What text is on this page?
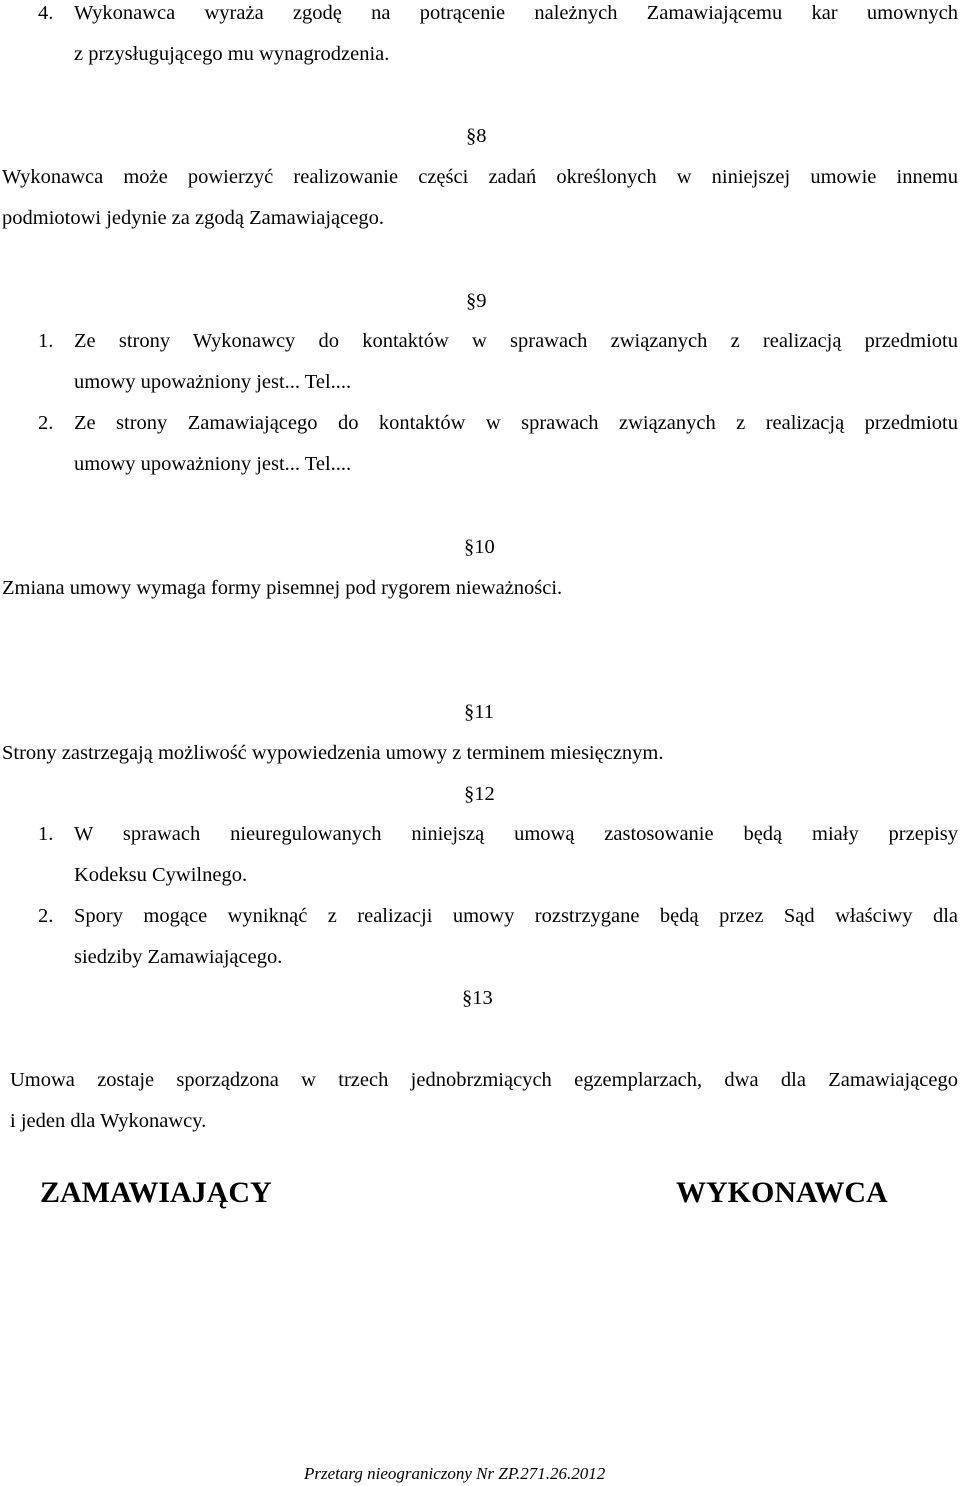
4. Wykonawca wyraża zgodę na potrącenie należnych Zamawiającemu kar umownych
z przysługującego mu wynagrodzenia.
§8
Wykonawca może powierzyć realizowanie części zadań określonych w niniejszej umowie innemu
podmiotowi jedynie za zgodą Zamawiającego.
§9
1. Ze strony Wykonawcy do kontaktów w sprawach związanych z realizacją przedmiotu
umowy upoważniony jest... Tel....
2. Ze strony Zamawiającego do kontaktów w sprawach związanych z realizacją przedmiotu
umowy upoważniony jest... Tel....
§10
Zmiana umowy wymaga formy pisemnej pod rygorem nieważności.
§11
Strony zastrzegają możliwość wypowiedzenia umowy z terminem miesięcznym.
§12
1. W sprawach nieuregulowanych niniejszą umową zastosowanie będą miały przepisy
Kodeksu Cywilnego.
2. Spory mogące wyniknąć z realizacji umowy rozstrzygane będą przez Sąd właściwy dla
siedziby Zamawiającego.
§13
Umowa zostaje sporządzona w trzech jednobrzmiących egzemplarzach, dwa dla Zamawiającego
i jeden dla Wykonawcy.
ZAMAWIAJĄCY	WYKONAWCA
Przetarg nieograniczony Nr ZP.271.26.2012
